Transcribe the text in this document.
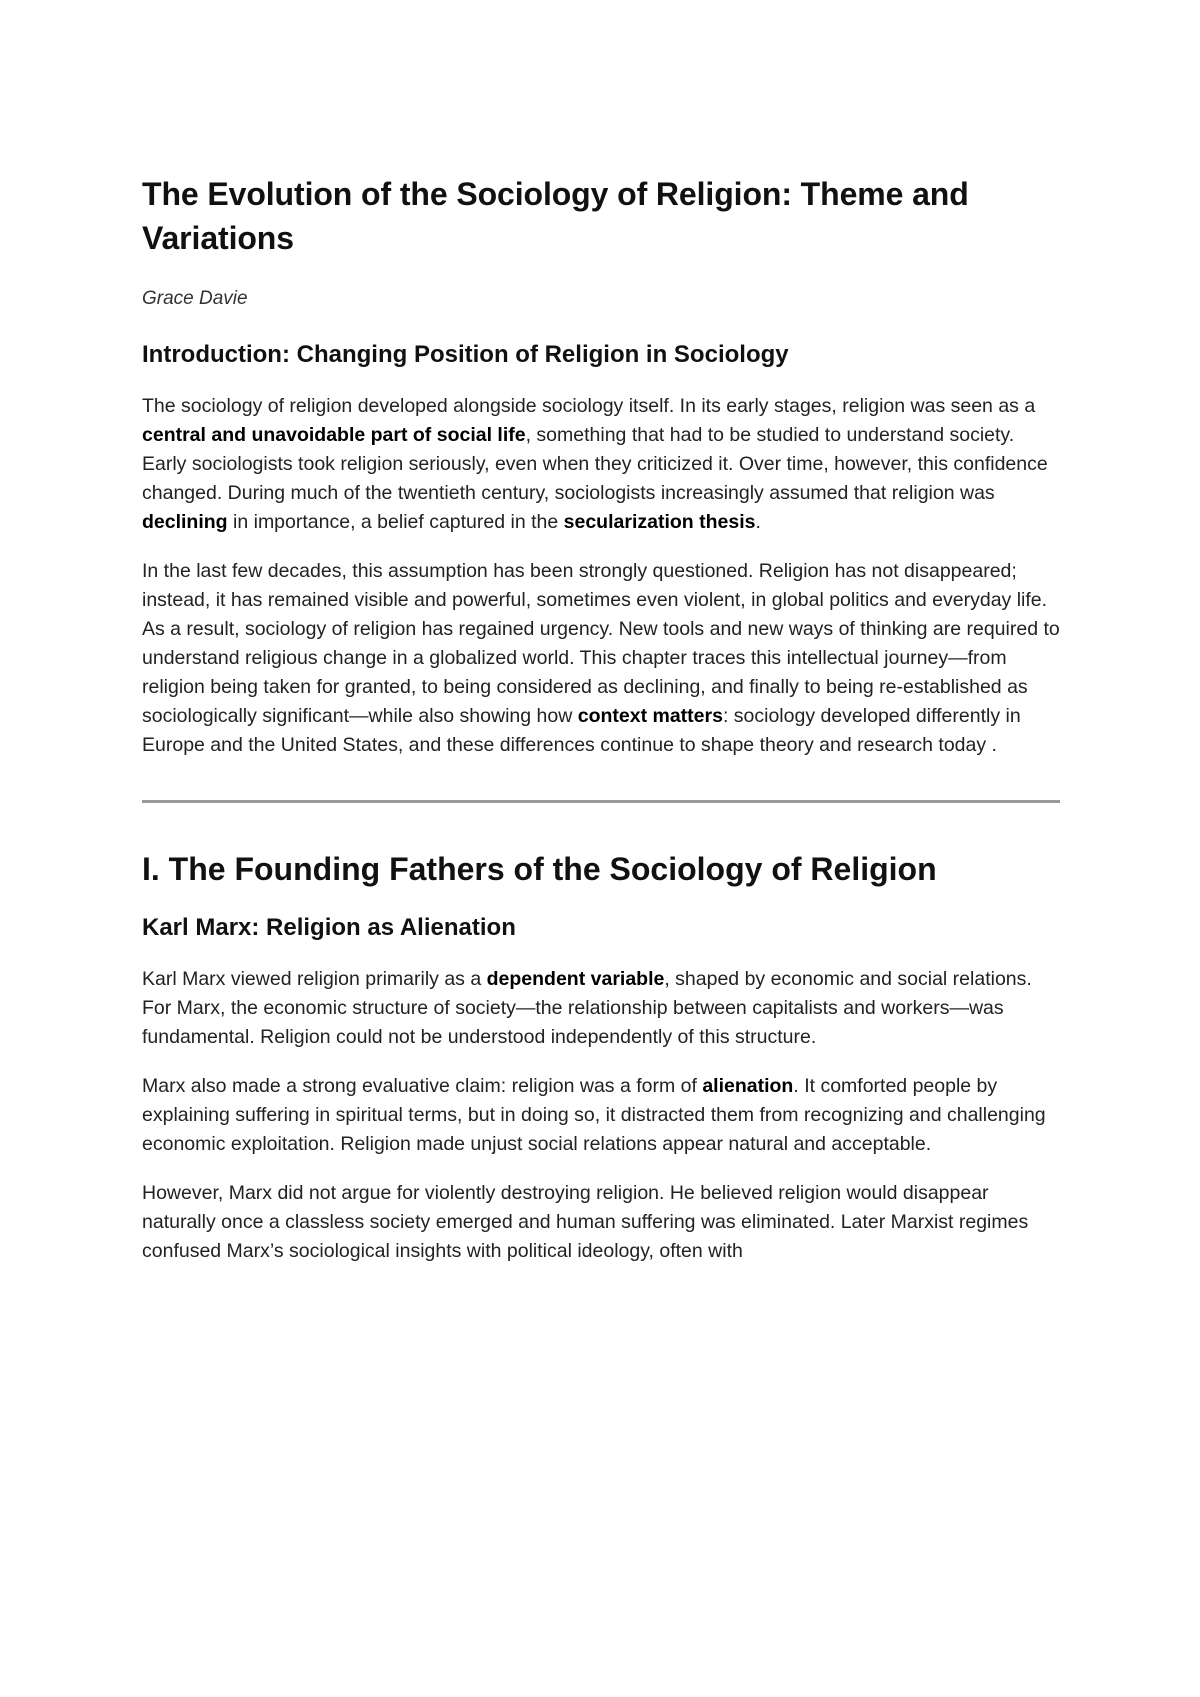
The Evolution of the Sociology of Religion: Theme and Variations
Grace Davie
Introduction: Changing Position of Religion in Sociology

The sociology of religion developed alongside sociology itself. In its early stages, religion was seen as a central and unavoidable part of social life, something that had to be studied to understand society. Early sociologists took religion seriously, even when they criticized it. Over time, however, this confidence changed. During much of the twentieth century, sociologists increasingly assumed that religion was declining in importance, a belief captured in the secularization thesis.

In the last few decades, this assumption has been strongly questioned. Religion has not disappeared; instead, it has remained visible and powerful, sometimes even violent, in global politics and everyday life. As a result, sociology of religion has regained urgency. New tools and new ways of thinking are required to understand religious change in a globalized world. This chapter traces this intellectual journey—from religion being taken for granted, to being considered as declining, and finally to being re-established as sociologically significant—while also showing how context matters: sociology developed differently in Europe and the United States, and these differences continue to shape theory and research today .

I. The Founding Fathers of the Sociology of Religion
Karl Marx: Religion as Alienation

Karl Marx viewed religion primarily as a dependent variable, shaped by economic and social relations. For Marx, the economic structure of society—the relationship between capitalists and workers—was fundamental. Religion could not be understood independently of this structure.

Marx also made a strong evaluative claim: religion was a form of alienation. It comforted people by explaining suffering in spiritual terms, but in doing so, it distracted them from recognizing and challenging economic exploitation. Religion made unjust social relations appear natural and acceptable.

However, Marx did not argue for violently destroying religion. He believed religion would disappear naturally once a classless society emerged and human suffering was eliminated. Later Marxist regimes confused Marx’s sociological insights with political ideology, often with
